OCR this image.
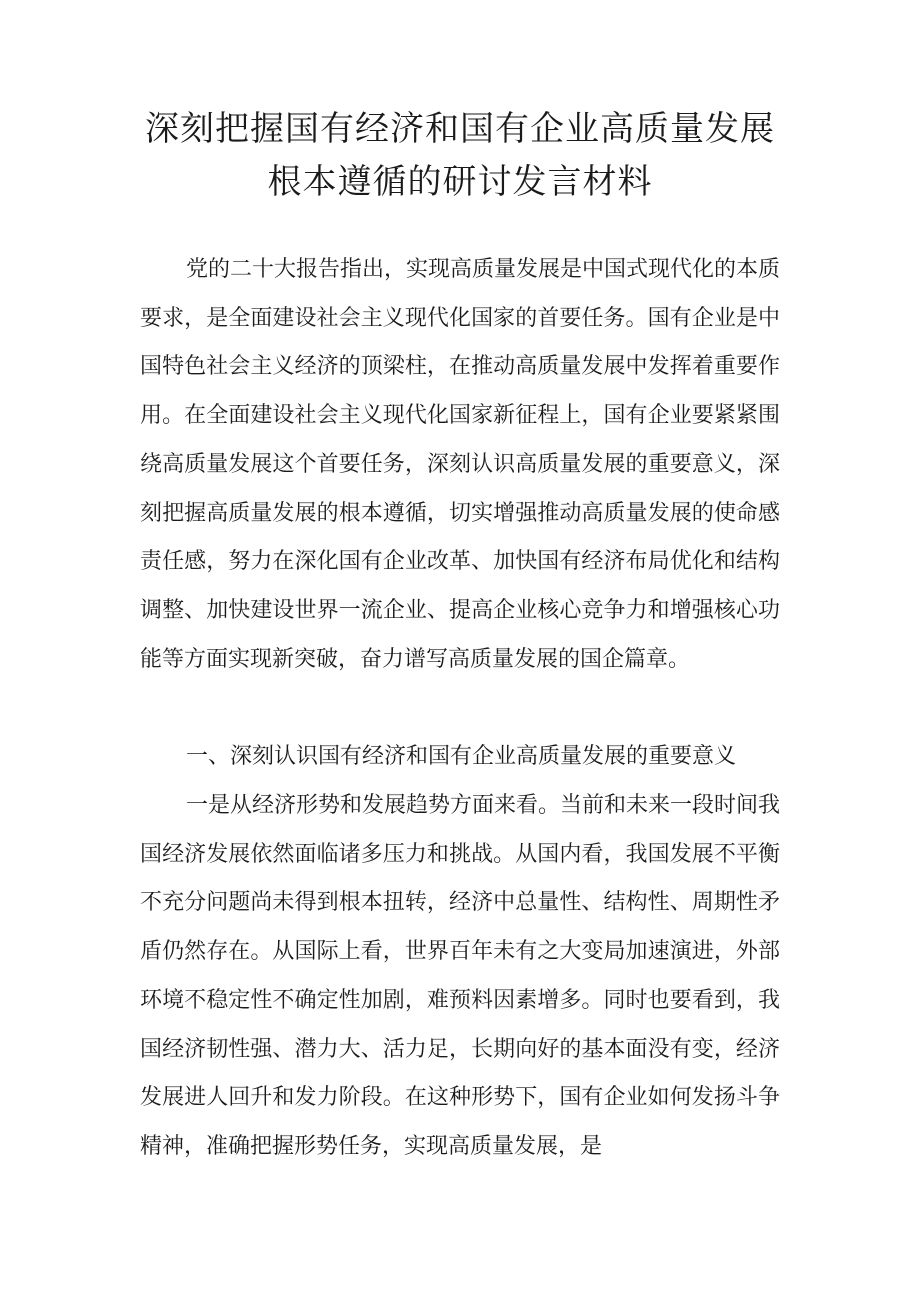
深刻把握国有经济和国有企业高质量发展
根本遵循的研讨发言材料

党的二十大报告指出，实现高质量发展是中国式现代化的本质要求，是全面建设社会主义现代化国家的首要任务。国有企业是中国特色社会主义经济的顶梁柱，在推动高质量发展中发挥着重要作用。在全面建设社会主义现代化国家新征程上，国有企业要紧紧围绕高质量发展这个首要任务，深刻认识高质量发展的重要意义，深刻把握高质量发展的根本遵循，切实增强推动高质量发展的使命感责任感，努力在深化国有企业改革、加快国有经济布局优化和结构调整、加快建设世界一流企业、提高企业核心竞争力和增强核心功能等方面实现新突破，奋力谱写高质量发展的国企篇章。

一、深刻认识国有经济和国有企业高质量发展的重要意义

一是从经济形势和发展趋势方面来看。当前和未来一段时间我国经济发展依然面临诸多压力和挑战。从国内看，我国发展不平衡不充分问题尚未得到根本扭转，经济中总量性、结构性、周期性矛盾仍然存在。从国际上看，世界百年未有之大变局加速演进，外部环境不稳定性不确定性加剧，难预料因素增多。同时也要看到，我国经济韧性强、潜力大、活力足，长期向好的基本面没有变，经济发展进人回升和发力阶段。在这种形势下，国有企业如何发扬斗争精神，准确把握形势任务，实现高质量发展，是
